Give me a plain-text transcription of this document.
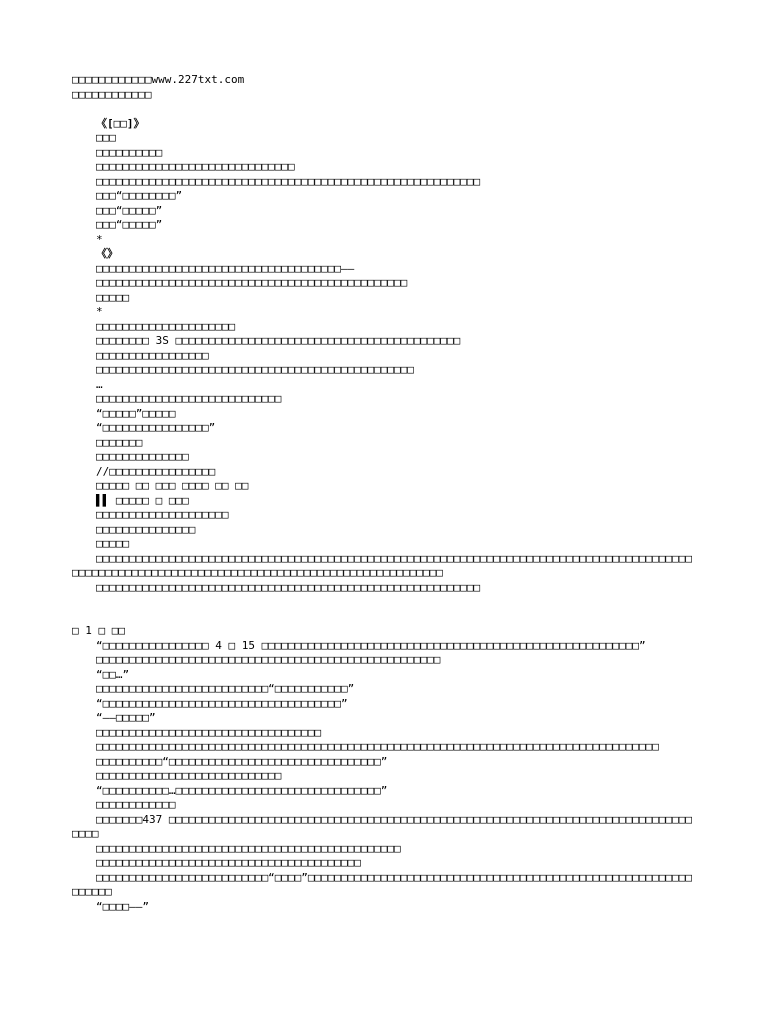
□□□□□□□□□□□□www.227txt.com
□□□□□□□□□□□□
《[□□]》
□□□
□□□□□□□□□□
□□□□□□□□□□□□□□□□□□□□□□□□□□□□□□
□□□□□□□□□□□□□□□□□□□□□□□□□□□□□□□□□□□□□□□□□□□□□□□□□□□□□□□□□□
□□□“□□□□□□□□”
□□□“□□□□□”
□□□“□□□□□”
*
《》
□□□□□□□□□□□□□□□□□□□□□□□□□□□□□□□□□□□□□——
□□□□□□□□□□□□□□□□□□□□□□□□□□□□□□□□□□□□□□□□□□□□□□□
□□□□□
*
□□□□□□□□□□□□□□□□□□□□□
□□□□□□□□ 3S □□□□□□□□□□□□□□□□□□□□□□□□□□□□□□□□□□□□□□□□□□□
□□□□□□□□□□□□□□□□□
□□□□□□□□□□□□□□□□□□□□□□□□□□□□□□□□□□□□□□□□□□□□□□□□
…
□□□□□□□□□□□□□□□□□□□□□□□□□□□□
“□□□□□”□□□□□
“□□□□□□□□□□□□□□□□”
□□□□□□□
□□□□□□□□□□□□□□
//□□□□□□□□□□□□□□□□
□□□□□ □□ □□□ □□□□ □□ □□
▌▌ □□□□□ □ □□□
□□□□□□□□□□□□□□□□□□□□
□□□□□□□□□□□□□□□
□□□□□
□□□□□□□□□□□□□□□□□□□□□□□□□□□□□□□□□□□□□□□□□□□□□□□□□□□□□□□□□□□□□□□□□□□□□□□□□□□□□□□□□□□□□□□□□□□□□□□□□□□□□□□□□□□□□□□□□□□□□□□□□□□□□□□□□□□□□□□□□□□□□□□□□□
□□□□□□□□□□□□□□□□□□□□□□□□□□□□□□□□□□□□□□□□□□□□□□□□□□□□□□□□□□
□ 1 □ □□
“□□□□□□□□□□□□□□□□ 4 □ 15 □□□□□□□□□□□□□□□□□□□□□□□□□□□□□□□□□□□□□□□□□□□□□□□□□□□□□□□□□”
□□□□□□□□□□□□□□□□□□□□□□□□□□□□□□□□□□□□□□□□□□□□□□□□□□□□
“□□…”
□□□□□□□□□□□□□□□□□□□□□□□□□□“□□□□□□□□□□□”
“□□□□□□□□□□□□□□□□□□□□□□□□□□□□□□□□□□□□”
“——□□□□□”
□□□□□□□□□□□□□□□□□□□□□□□□□□□□□□□□□□
□□□□□□□□□□□□□□□□□□□□□□□□□□□□□□□□□□□□□□□□□□□□□□□□□□□□□□□□□□□□□□□□□□□□□□□□□□□□□□□□□□□□□
□□□□□□□□□□“□□□□□□□□□□□□□□□□□□□□□□□□□□□□□□□□”
□□□□□□□□□□□□□□□□□□□□□□□□□□□□
“□□□□□□□□□□…□□□□□□□□□□□□□□□□□□□□□□□□□□□□□□□”
□□□□□□□□□□□□
□□□□□□□437 □□□□□□□□□□□□□□□□□□□□□□□□□□□□□□□□□□□□□□□□□□□□□□□□□□□□□□□□□□□□□□□□□□□□□□□□□□□□□□□□□□□
□□□□□□□□□□□□□□□□□□□□□□□□□□□□□□□□□□□□□□□□□□□□□□
□□□□□□□□□□□□□□□□□□□□□□□□□□□□□□□□□□□□□□□□
□□□□□□□□□□□□□□□□□□□□□□□□□□“□□□□”□□□□□□□□□□□□□□□□□□□□□□□□□□□□□□□□□□□□□□□□□□□□□□□□□□□□□□□□□□□□□□□□
“□□□□——”
